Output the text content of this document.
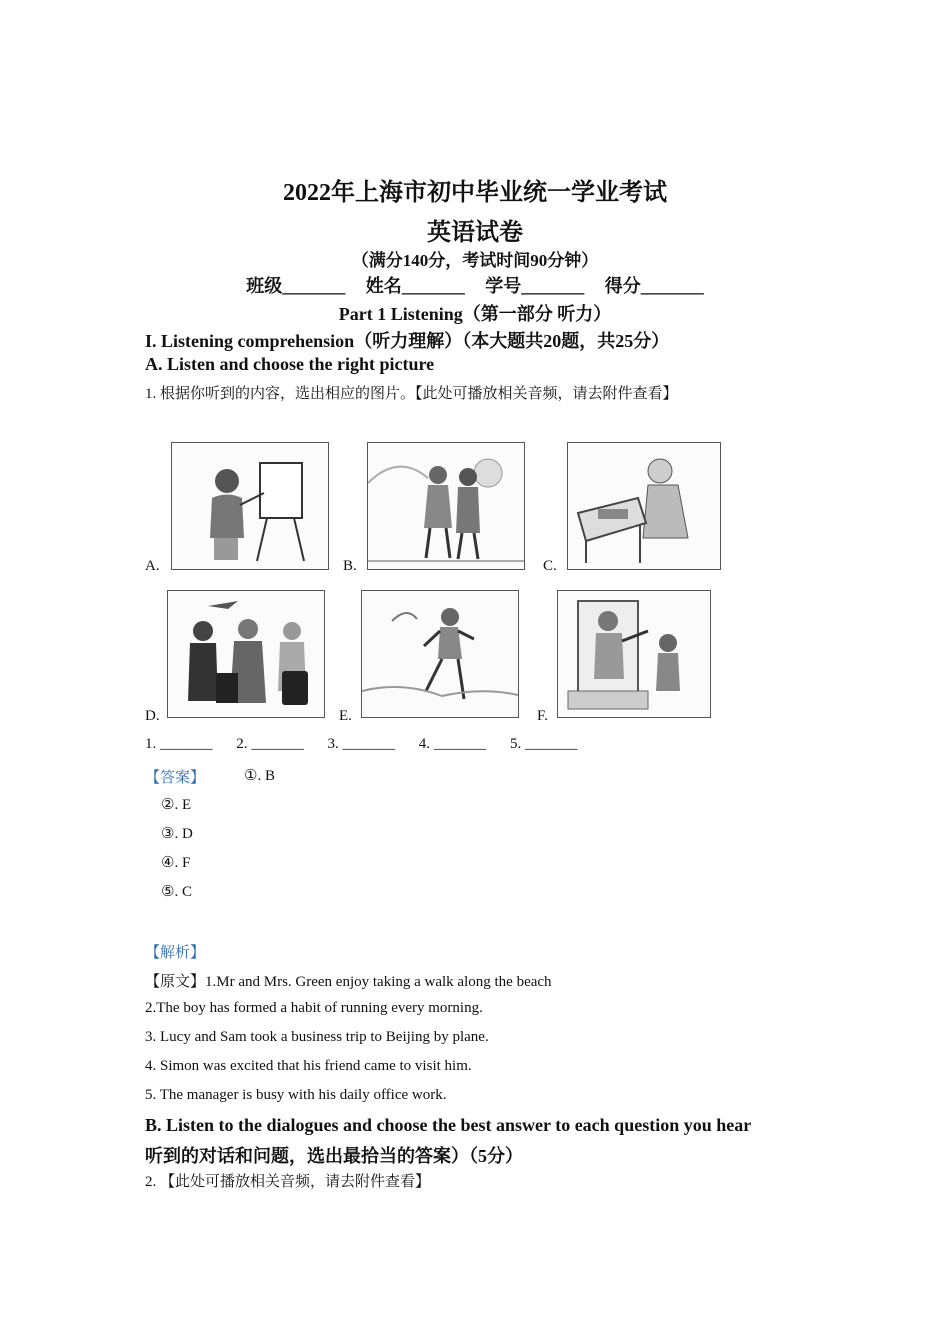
2022年上海市初中毕业统一学业考试
英语试卷
（满分140分，考试时间90分钟）
班级_______ 姓名_______ 学号_______ 得分_______
Part 1 Listening（第一部分 听力）
I. Listening comprehension（听力理解）（本大题共20题，共25分）
A. Listen and choose the right picture
1. 根据你听到的内容，选出相应的图片。【此处可播放相关音频，请去附件查看】
A.	B.	C.
D.	E.	F.
1. _______ 2. _______ 3. _______ 4. _______ 5. _______
【答案】	①. B
②. E
③. D
④. F
⑤. C
【解析】
【原文】1.Mr and Mrs. Green enjoy taking a walk along the beach
2.The boy has formed a habit of running every morning.
3. Lucy and Sam took a business trip to Beijing by plane.
4. Simon was excited that his friend came to visit him.
5. The manager is busy with his daily office work.
B. Listen to the dialogues and choose the best answer to each question you hear
听到的对话和问题，选出最拾当的答案）（5分）
2. 【此处可播放相关音频，请去附件查看】
